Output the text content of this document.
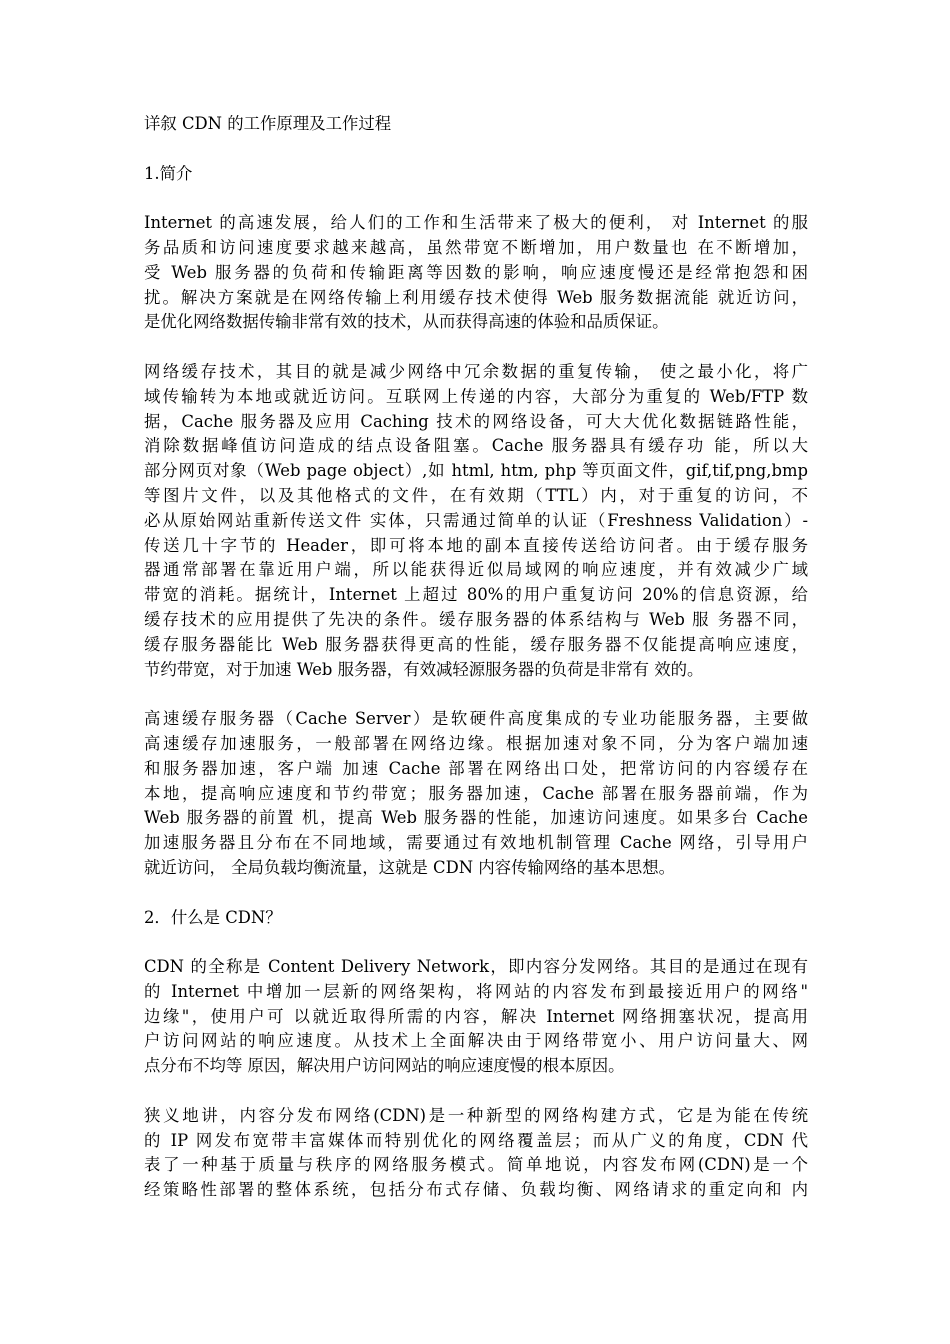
详叙 CDN 的工作原理及工作过程
1.简介
Internet 的高速发展，给人们的工作和生活带来了极大的便利， 对 Internet 的服
务品质和访问速度要求越来越高，虽然带宽不断增加，用户数量也 在不断增加，
受 Web 服务器的负荷和传输距离等因数的影响，响应速度慢还是经常抱怨和困
扰。解决方案就是在网络传输上利用缓存技术使得 Web 服务数据流能 就近访问，
是优化网络数据传输非常有效的技术，从而获得高速的体验和品质保证。
网络缓存技术，其目的就是减少网络中冗余数据的重复传输， 使之最小化，将广
域传输转为本地或就近访问。互联网上传递的内容，大部分为重复的 Web/FTP 数
据，Cache 服务器及应用 Caching 技术的网络设备，可大大优化数据链路性能，
消除数据峰值访问造成的结点设备阻塞。Cache 服务器具有缓存功 能，所以大
部分网页对象（Web page object）,如 html, htm, php 等页面文件，gif,tif,png,bmp
等图片文件，以及其他格式的文件，在有效期（TTL）内，对于重复的访问，不
必从原始网站重新传送文件 实体，只需通过简单的认证（Freshness Validation）-
传送几十字节的 Header，即可将本地的副本直接传送给访问者。由于缓存服务
器通常部署在靠近用户端，所以能获得近似局域网的响应速度，并有效减少广域
带宽的消耗。据统计，Internet 上超过 80%的用户重复访问 20%的信息资源，给
缓存技术的应用提供了先决的条件。缓存服务器的体系结构与 Web 服 务器不同，
缓存服务器能比 Web 服务器获得更高的性能，缓存服务器不仅能提高响应速度，
节约带宽，对于加速 Web 服务器，有效减轻源服务器的负荷是非常有 效的。
高速缓存服务器（Cache Server）是软硬件高度集成的专业功能服务器，主要做
高速缓存加速服务，一般部署在网络边缘。根据加速对象不同，分为客户端加速
和服务器加速，客户端 加速 Cache 部署在网络出口处，把常访问的内容缓存在
本地，提高响应速度和节约带宽；服务器加速，Cache 部署在服务器前端，作为
Web 服务器的前置 机，提高 Web 服务器的性能，加速访问速度。如果多台 Cache
加速服务器且分布在不同地域，需要通过有效地机制管理 Cache 网络，引导用户
就近访问， 全局负载均衡流量，这就是 CDN 内容传输网络的基本思想。
2．什么是 CDN？
CDN 的全称是 Content Delivery Network，即内容分发网络。其目的是通过在现有
的 Internet 中增加一层新的网络架构，将网站的内容发布到最接近用户的网络"
边缘"，使用户可 以就近取得所需的内容，解决 Internet 网络拥塞状况，提高用
户访问网站的响应速度。从技术上全面解决由于网络带宽小、用户访问量大、网
点分布不均等 原因，解决用户访问网站的响应速度慢的根本原因。
狭义地讲，内容分发布网络(CDN)是一种新型的网络构建方式，它是为能在传统
的 IP 网发布宽带丰富媒体而特别优化的网络覆盖层；而从广义的角度，CDN 代
表了一种基于质量与秩序的网络服务模式。简单地说，内容发布网(CDN)是一个
经策略性部署的整体系统，包括分布式存储、负载均衡、网络请求的重定向和 内
